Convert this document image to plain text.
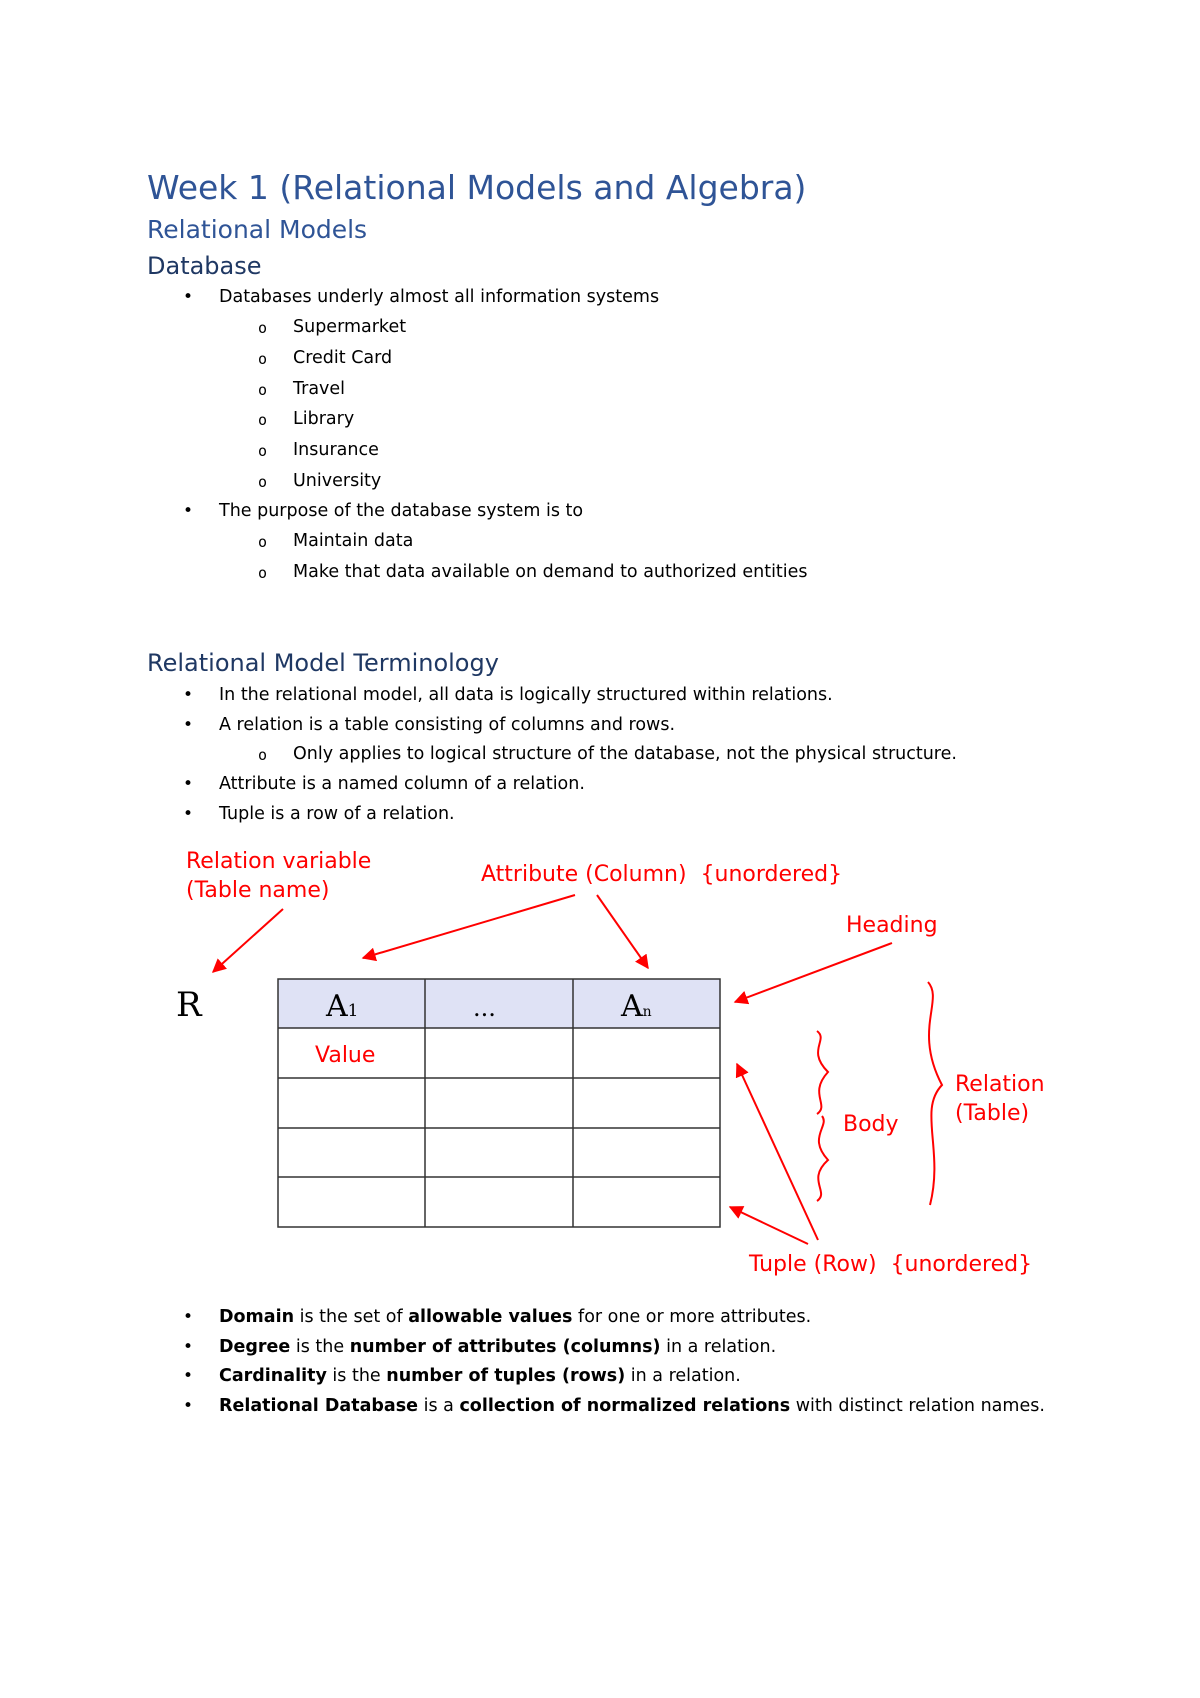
Week 1 (Relational Models and Algebra)
Relational Models
Database
• Databases underly almost all information systems
o Supermarket
o Credit Card
o Travel
o Library
o Insurance
o University
• The purpose of the database system is to
o Maintain data
o Make that data available on demand to authorized entities
Relational Model Terminology
• In the relational model, all data is logically structured within relations.
• A relation is a table consisting of columns and rows.
o Only applies to logical structure of the database, not the physical structure.
• Attribute is a named column of a relation.
• Tuple is a row of a relation.
Relation variable
(Table name)
Attribute (Column)  {unordered}
Heading
Body
Relation
(Table)
Tuple (Row)  {unordered}
R	A1	...	An
Value
• Domain is the set of allowable values for one or more attributes.
• Degree is the number of attributes (columns) in a relation.
• Cardinality is the number of tuples (rows) in a relation.
• Relational Database is a collection of normalized relations with distinct relation names.
